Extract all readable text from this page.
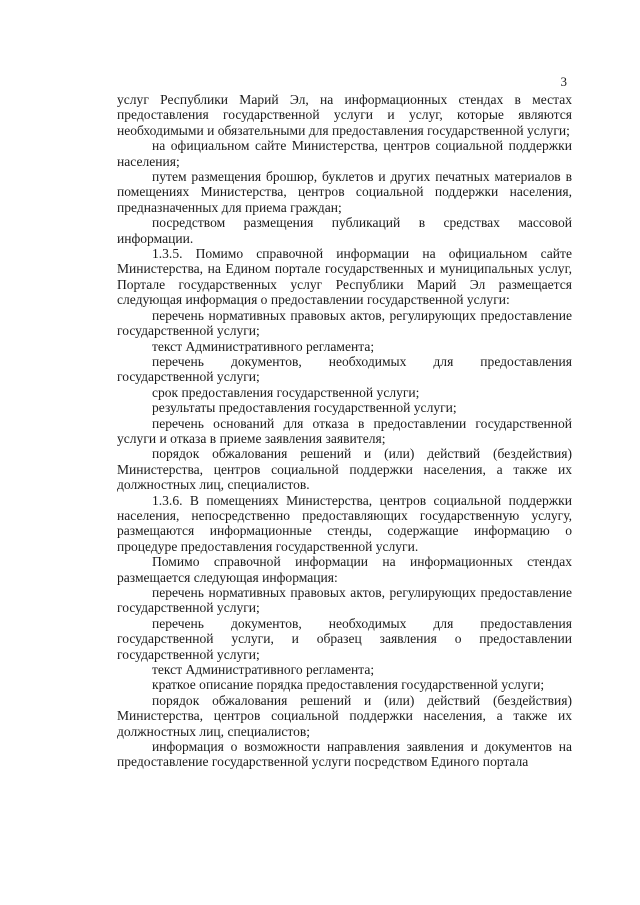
3

услуг Республики Марий Эл, на информационных стендах в местах предоставления государственной услуги и услуг, которые являются необходимыми и обязательными для предоставления государственной услуги;

на официальном сайте Министерства, центров социальной поддержки населения;

путем размещения брошюр, буклетов и других печатных материалов в помещениях Министерства, центров социальной поддержки населения, предназначенных для приема граждан;

посредством размещения публикаций в средствах массовой информации.

1.3.5. Помимо справочной информации на официальном сайте Министерства, на Едином портале государственных и муниципальных услуг, Портале государственных услуг Республики Марий Эл размещается следующая информация о предоставлении государственной услуги:

перечень нормативных правовых актов, регулирующих предоставление государственной услуги;

текст Административного регламента;

перечень документов, необходимых для предоставления государственной услуги;

срок предоставления государственной услуги;

результаты предоставления государственной услуги;

перечень оснований для отказа в предоставлении государственной услуги и отказа в приеме заявления заявителя;

порядок обжалования решений и (или) действий (бездействия) Министерства, центров социальной поддержки населения, а также их должностных лиц, специалистов.

1.3.6. В помещениях Министерства, центров социальной поддержки населения, непосредственно предоставляющих государственную услугу, размещаются информационные стенды, содержащие информацию о процедуре предоставления государственной услуги.

Помимо справочной информации на информационных стендах размещается следующая информация:

перечень нормативных правовых актов, регулирующих предоставление государственной услуги;

перечень документов, необходимых для предоставления государственной услуги, и образец заявления о предоставлении государственной услуги;

текст Административного регламента;

краткое описание порядка предоставления государственной услуги;

порядок обжалования решений и (или) действий (бездействия) Министерства, центров социальной поддержки населения, а также их должностных лиц, специалистов;

информация о возможности направления заявления и документов на предоставление государственной услуги посредством Единого портала
